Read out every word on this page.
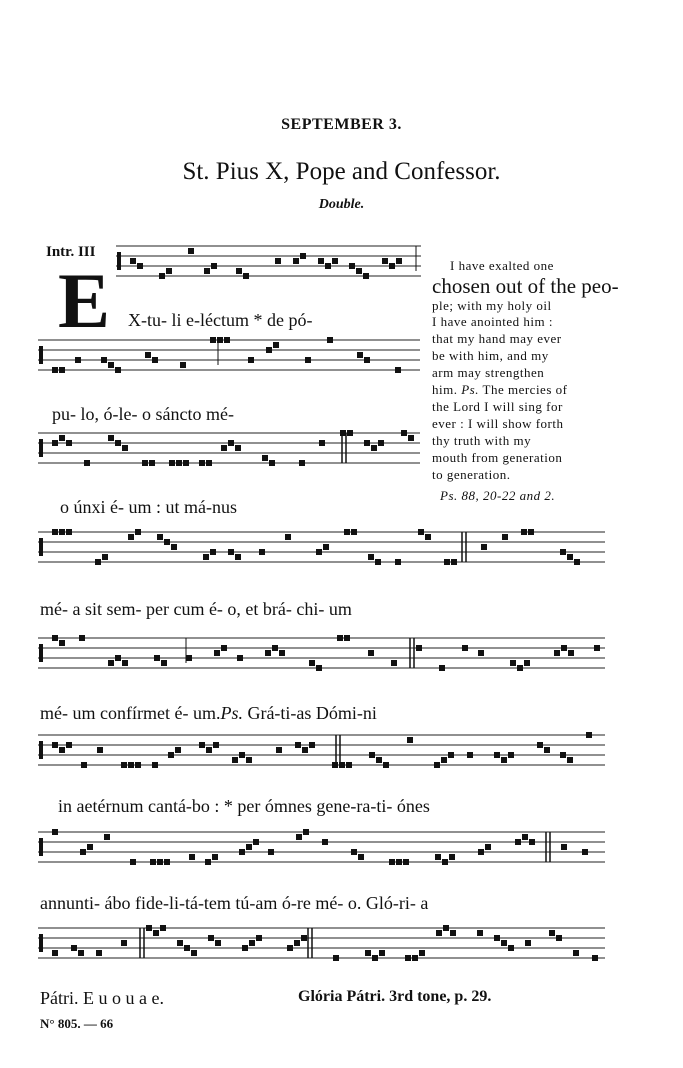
SEPTEMBER 3.
St. Pius X, Pope and Confessor.
Double.
Intr. III
E X-tu- li e-léctum * de pó-
pu- lo, ó-le- o sáncto mé-
o únxi é- um : ut má-nus
mé- a sit sem- per cum é- o, et brá- chi- um
mé- um confírmet é- um.Ps. Grá-ti-as Dómi-ni
in aetérnum cantá-bo : * per ómnes gene-ra-ti- ónes
annunti- ábo fide-li-tá-tem tú-am ó-re mé- o. Gló-ri- a
Pátri. E u o u a e.
I have exalted one
chosen out of the peo-
ple; with my holy oil
I have anointed him :
that my hand may ever
be with him, and my
arm may strengthen
him. Ps. The mercies of
the Lord I will sing for
ever : I will show forth
thy truth with my
mouth from generation
to generation.
Ps. 88, 20-22 and 2.
Glória Pátri. 3rd tone, p. 29.
N° 805. — 66
